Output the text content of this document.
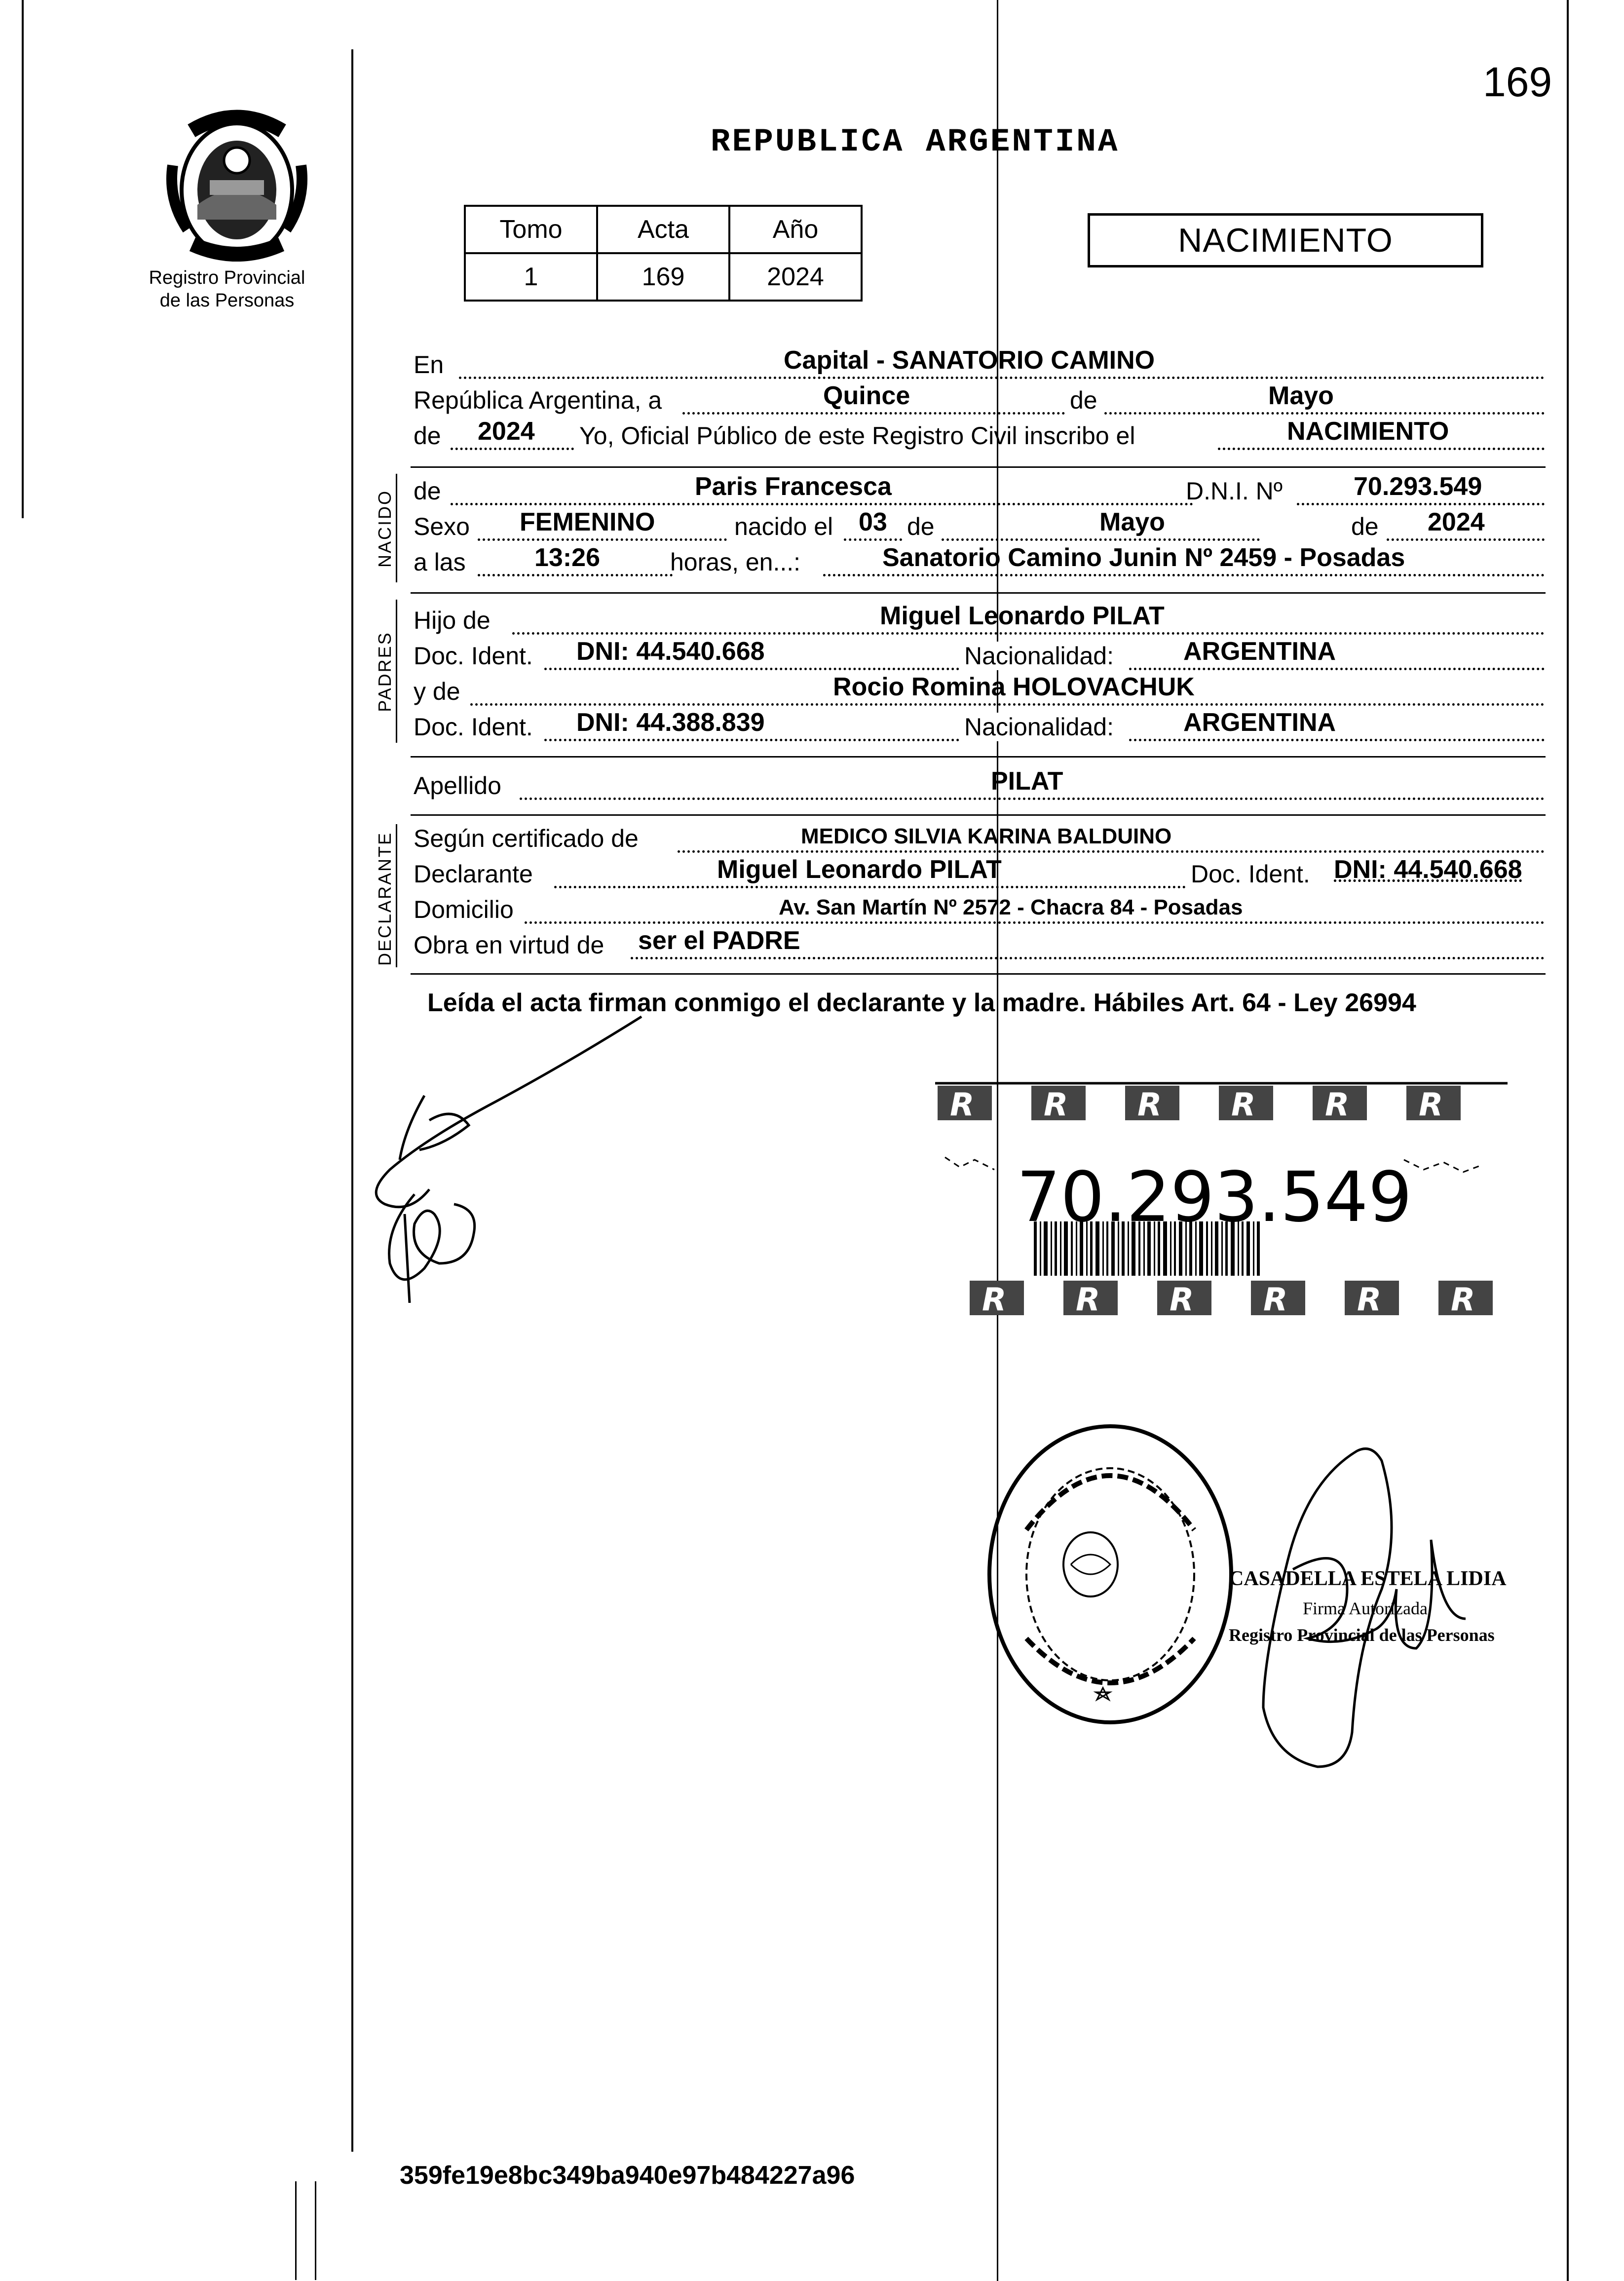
169
Registro Provincial
de las Personas
REPUBLICA ARGENTINA
Tomo	Acta	Año
1	169	2024
NACIMIENTO
En	Capital - SANATORIO CAMINO
República Argentina, a	Quince	de	Mayo
de 2024 Yo, Oficial Público de este Registro Civil inscribo el	NACIMIENTO
NACIDO de	Paris Francesca	D.N.I. Nº	70.293.549
Sexo FEMENINO	nacido el 03 de	Mayo	de 2024
a las	13:26	horas, en...:	Sanatorio Camino Junin Nº 2459 - Posadas
PADRES
Hijo de	Miguel Leonardo PILAT
Doc. Ident. DNI: 44.540.668	Nacionalidad:	ARGENTINA
y de	Rocio Romina HOLOVACHUK
Doc. Ident. DNI: 44.388.839	Nacionalidad:	ARGENTINA
Apellido	PILAT
DECLARANTE Según certificado de	MEDICO SILVIA KARINA BALDUINO
Declarante	Miguel Leonardo PILAT	Doc. Ident. DNI: 44.540.668
Domicilio	Av. San Martín Nº 2572 - Chacra 84 - Posadas
Obra en virtud de ser el PADRE
Leída el acta firman conmigo el declarante y la madre. Hábiles Art. 64 - Ley 26994
R R R R R R
R R R R R R
70.293.549
CASADELLA ESTELA LIDIA
Firma Autorizada
Registro Provincial de las Personas
359fe19e8bc349ba940e97b484227a96
